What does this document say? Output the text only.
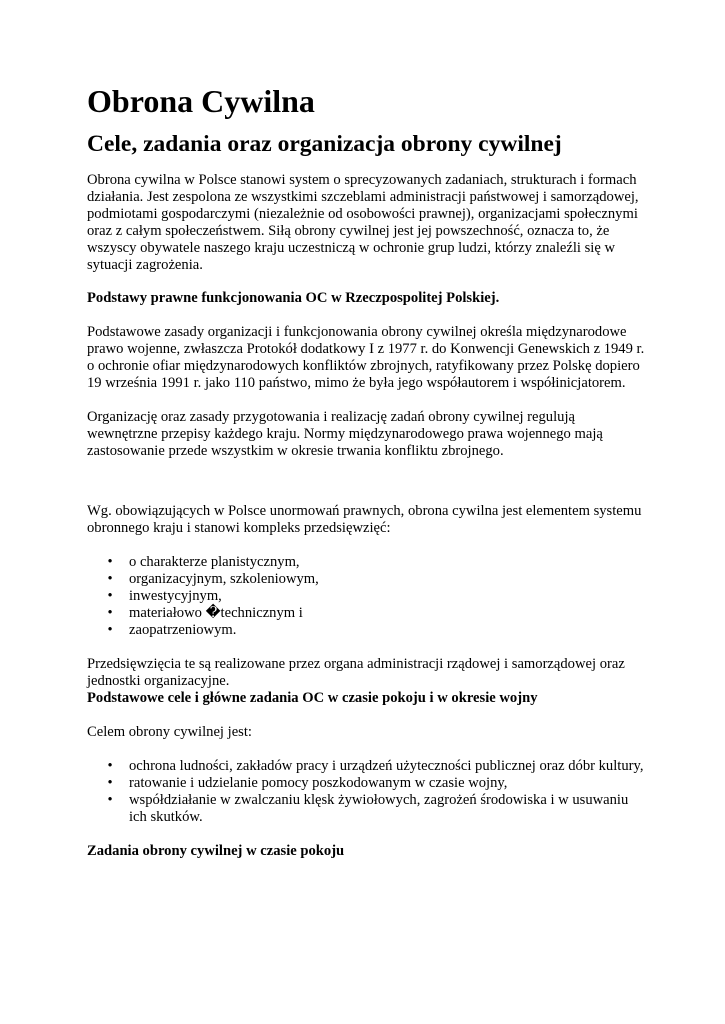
Obrona Cywilna
Cele, zadania oraz organizacja obrony cywilnej

Obrona cywilna w Polsce stanowi system o sprecyzowanych zadaniach, strukturach i formach działania. Jest zespolona ze wszystkimi szczeblami administracji państwowej i samorządowej, podmiotami gospodarczymi (niezależnie od osobowości prawnej), organizacjami społecznymi oraz z całym społeczeństwem. Siłą obrony cywilnej jest jej powszechność, oznacza to, że wszyscy obywatele naszego kraju uczestniczą w ochronie grup ludzi, którzy znaleźli się w sytuacji zagrożenia.

Podstawy prawne funkcjonowania OC w Rzeczpospolitej Polskiej.

Podstawowe zasady organizacji i funkcjonowania obrony cywilnej określa międzynarodowe prawo wojenne, zwłaszcza Protokół dodatkowy I z 1977 r. do Konwencji Genewskich z 1949 r. o ochronie ofiar międzynarodowych konfliktów zbrojnych, ratyfikowany przez Polskę dopiero 19 września 1991 r. jako 110 państwo, mimo że była jego współautorem i współinicjatorem.

Organizację oraz zasady przygotowania i realizację zadań obrony cywilnej regulują wewnętrzne przepisy każdego kraju. Normy międzynarodowego prawa wojennego mają zastosowanie przede wszystkim w okresie trwania konfliktu zbrojnego.

Wg. obowiązujących w Polsce unormowań prawnych, obrona cywilna jest elementem systemu obronnego kraju i stanowi kompleks przedsięwzięć:

• o charakterze planistycznym,
• organizacyjnym, szkoleniowym,
• inwestycyjnym,
• materiałowo �technicznym i
• zaopatrzeniowym.

Przedsięwzięcia te są realizowane przez organa administracji rządowej i samorządowej oraz jednostki organizacyjne.

Podstawowe cele i główne zadania OC w czasie pokoju i w okresie wojny

Celem obrony cywilnej jest:

• ochrona ludności, zakładów pracy i urządzeń użyteczności publicznej oraz dóbr kultury,
• ratowanie i udzielanie pomocy poszkodowanym w czasie wojny,
• współdziałanie w zwalczaniu klęsk żywiołowych, zagrożeń środowiska i w usuwaniu ich skutków.

Zadania obrony cywilnej w czasie pokoju
